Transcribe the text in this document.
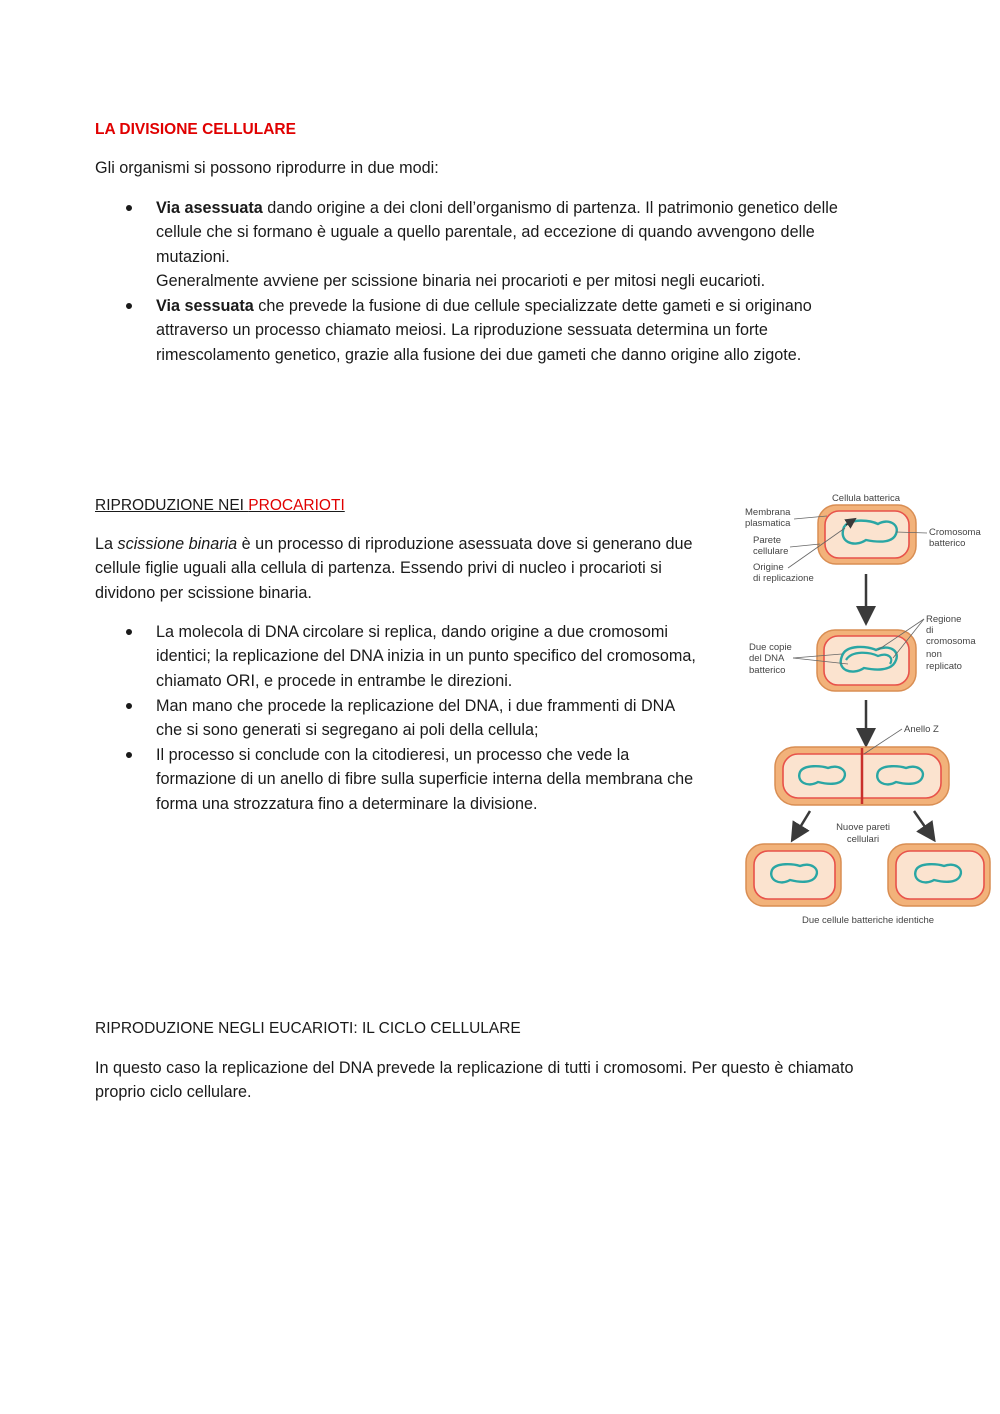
LA DIVISIONE CELLULARE
Gli organismi si possono riprodurre in due modi:
Via asessuata dando origine a dei cloni dell’organismo di partenza. Il patrimonio genetico delle
cellule che si formano è uguale a quello parentale, ad eccezione di quando avvengono delle
mutazioni.
Generalmente avviene per scissione binaria nei procarioti e per mitosi negli eucarioti.
Via sessuata che prevede la fusione di due cellule specializzate dette gameti e si originano
attraverso un processo chiamato meiosi. La riproduzione sessuata determina un forte
rimescolamento genetico, grazie alla fusione dei due gameti che danno origine allo zigote.
RIPRODUZIONE NEI PROCARIOTI
La scissione binaria è un processo di riproduzione asessuata dove si generano due
cellule figlie uguali alla cellula di partenza. Essendo privi di nucleo i procarioti si
dividono per scissione binaria.
La molecola di DNA circolare si replica, dando origine a due cromosomi
identici; la replicazione del DNA inizia in un punto specifico del cromosoma,
chiamato ORI, e procede in entrambe le direzioni.
Man mano che procede la replicazione del DNA, i due frammenti di DNA
che si sono generati si segregano ai poli della cellula;
Il processo si conclude con la citodieresi, un processo che vede la
formazione di un anello di fibre sulla superficie interna della membrana che
forma una strozzatura fino a determinare la divisione.
Cellula batterica
Membrana
plasmatica
Parete
cellulare
Origine
di replicazione
Cromosoma
batterico
Regione
di
cromosoma
non
replicato
Due copie
del DNA
batterico
Anello Z
Nuove pareti
cellulari
Due cellule batteriche identiche
RIPRODUZIONE NEGLI EUCARIOTI: IL CICLO CELLULARE
In questo caso la replicazione del DNA prevede la replicazione di tutti i cromosomi. Per questo è chiamato
proprio ciclo cellulare.
